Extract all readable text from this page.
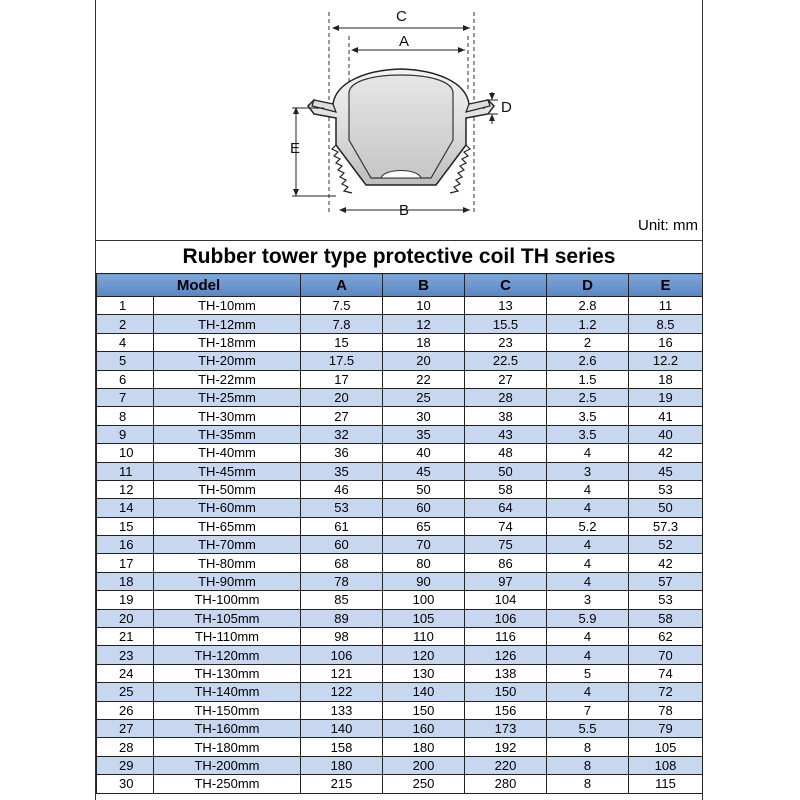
C
A
D
E
B
Unit: mm
Rubber tower type protective coil TH series
Model		A	B	C	D	E
1	TH-10mm	7.5	10	13	2.8	11
2	TH-12mm	7.8	12	15.5	1.2	8.5
4	TH-18mm	15	18	23	2	16
5	TH-20mm	17.5	20	22.5	2.6	12.2
6	TH-22mm	17	22	27	1.5	18
7	TH-25mm	20	25	28	2.5	19
8	TH-30mm	27	30	38	3.5	41
9	TH-35mm	32	35	43	3.5	40
10	TH-40mm	36	40	48	4	42
11	TH-45mm	35	45	50	3	45
12	TH-50mm	46	50	58	4	53
14	TH-60mm	53	60	64	4	50
15	TH-65mm	61	65	74	5.2	57.3
16	TH-70mm	60	70	75	4	52
17	TH-80mm	68	80	86	4	42
18	TH-90mm	78	90	97	4	57
19	TH-100mm	85	100	104	3	53
20	TH-105mm	89	105	106	5.9	58
21	TH-110mm	98	110	116	4	62
23	TH-120mm	106	120	126	4	70
24	TH-130mm	121	130	138	5	74
25	TH-140mm	122	140	150	4	72
26	TH-150mm	133	150	156	7	78
27	TH-160mm	140	160	173	5.5	79
28	TH-180mm	158	180	192	8	105
29	TH-200mm	180	200	220	8	108
30	TH-250mm	215	250	280	8	115
